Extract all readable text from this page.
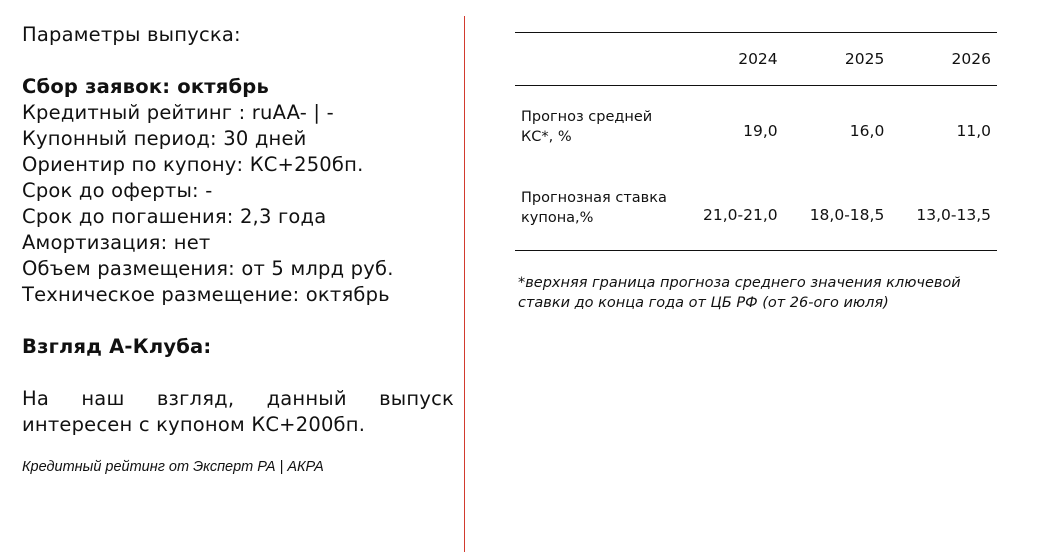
Параметры выпуска:
Сбор заявок: октябрь
Кредитный рейтинг : ruAA- | -
Купонный период: 30 дней
Ориентир по купону: КС+250бп.
Срок до оферты: -
Срок до погашения: 2,3 года
Амортизация: нет
Объем размещения: от 5 млрд руб.
Техническое размещение: октябрь
Взгляд А-Клуба:
На наш взгляд, данный выпуск интересен с купоном КС+200бп.
Кредитный рейтинг от Эксперт РА | АКРА
	2024	2025	2026
Прогноз средней КС*, %	19,0	16,0	11,0
Прогнозная ставка купона,%	21,0-21,0	18,0-18,5	13,0-13,5
*верхняя граница прогноза среднего значения ключевой ставки до конца года от ЦБ РФ (от 26-ого июля)
